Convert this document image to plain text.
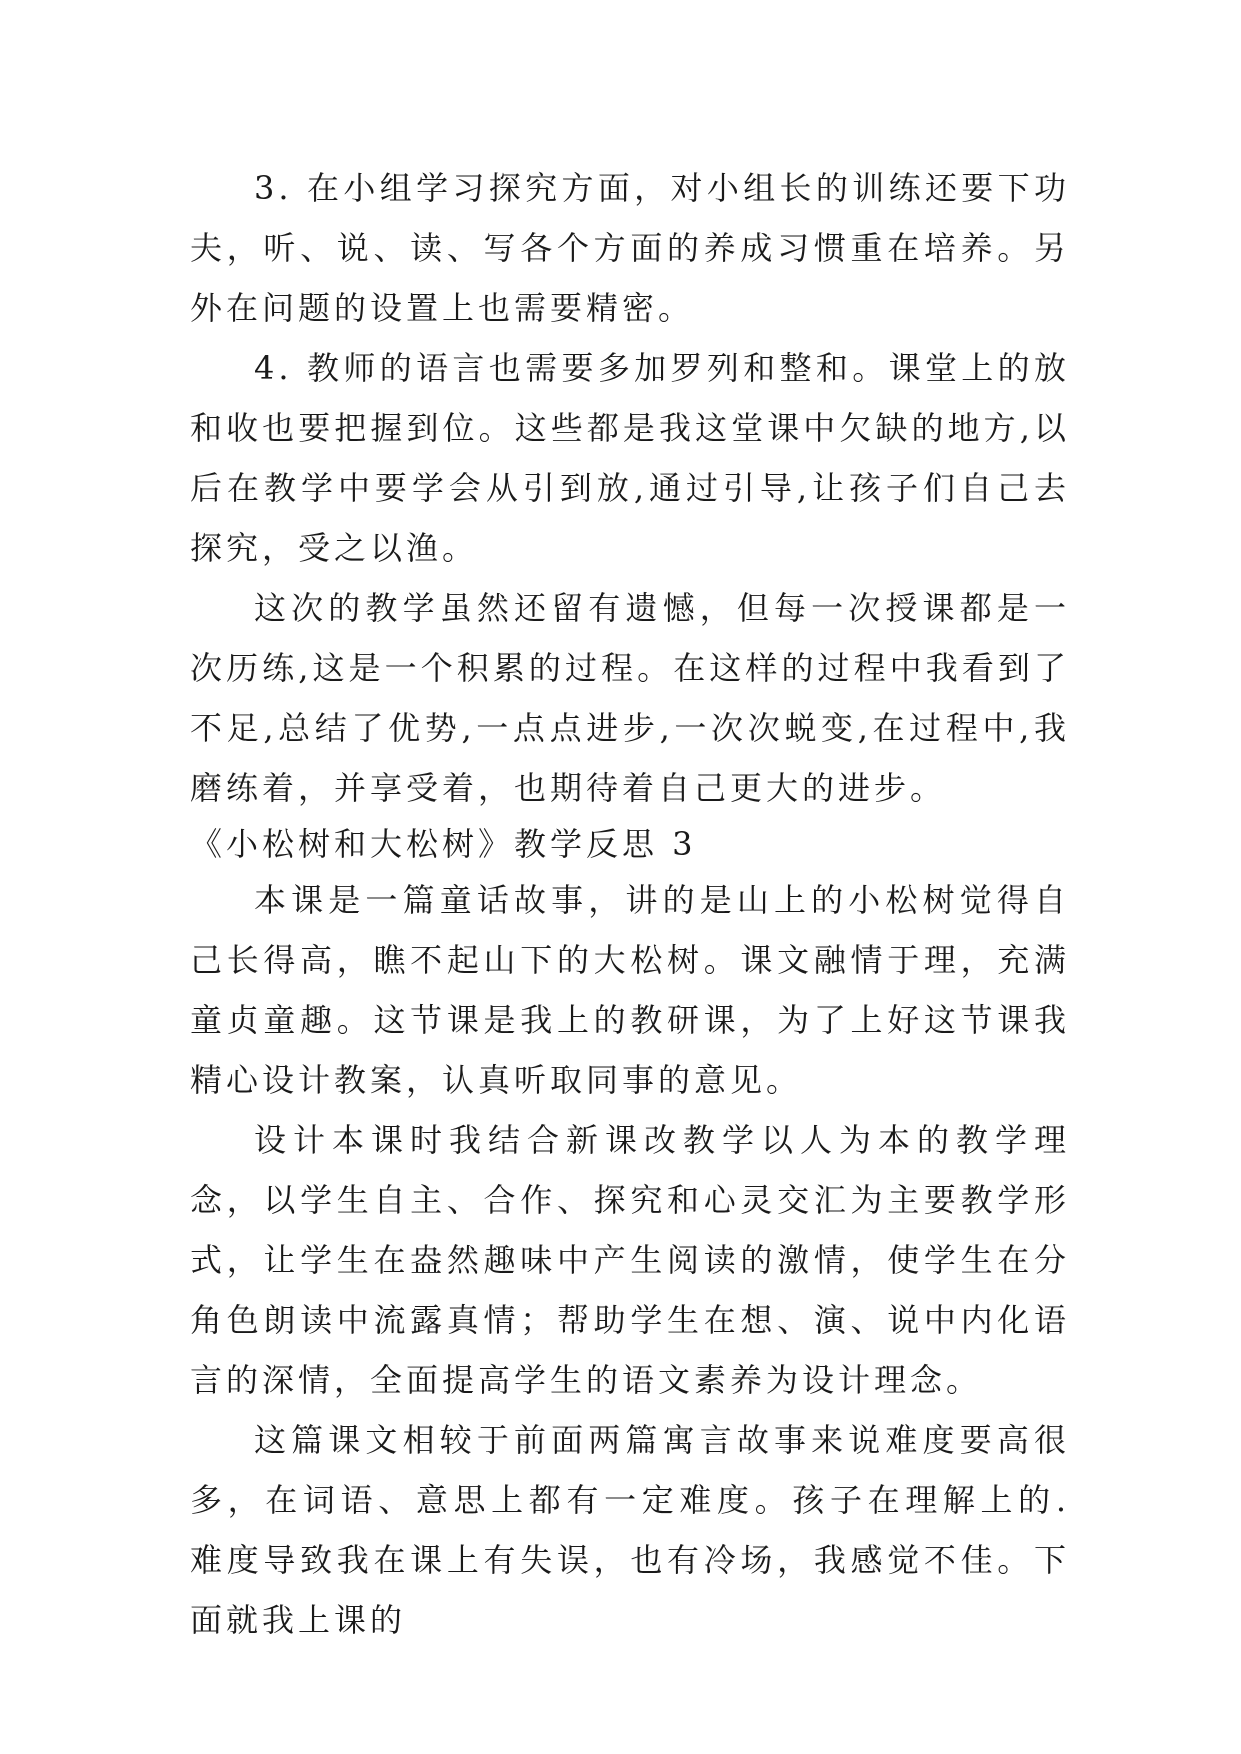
3. 在小组学习探究方面，对小组长的训练还要下功夫，听、说、读、写各个方面的养成习惯重在培养。另外在问题的设置上也需要精密。

4. 教师的语言也需要多加罗列和整和。课堂上的放和收也要把握到位。这些都是我这堂课中欠缺的地方,以后在教学中要学会从引到放,通过引导,让孩子们自己去探究，受之以渔。

这次的教学虽然还留有遗憾，但每一次授课都是一次历练,这是一个积累的过程。在这样的过程中我看到了不足,总结了优势,一点点进步,一次次蜕变,在过程中,我磨练着，并享受着，也期待着自己更大的进步。

《小松树和大松树》教学反思 3

本课是一篇童话故事，讲的是山上的小松树觉得自己长得高，瞧不起山下的大松树。课文融情于理，充满童贞童趣。这节课是我上的教研课，为了上好这节课我精心设计教案，认真听取同事的意见。

设计本课时我结合新课改教学以人为本的教学理念，以学生自主、合作、探究和心灵交汇为主要教学形式，让学生在盎然趣味中产生阅读的激情，使学生在分角色朗读中流露真情；帮助学生在想、演、说中内化语言的深情，全面提高学生的语文素养为设计理念。

这篇课文相较于前面两篇寓言故事来说难度要高很多，在词语、意思上都有一定难度。孩子在理解上的. 难度导致我在课上有失误，也有冷场，我感觉不佳。下面就我上课的
